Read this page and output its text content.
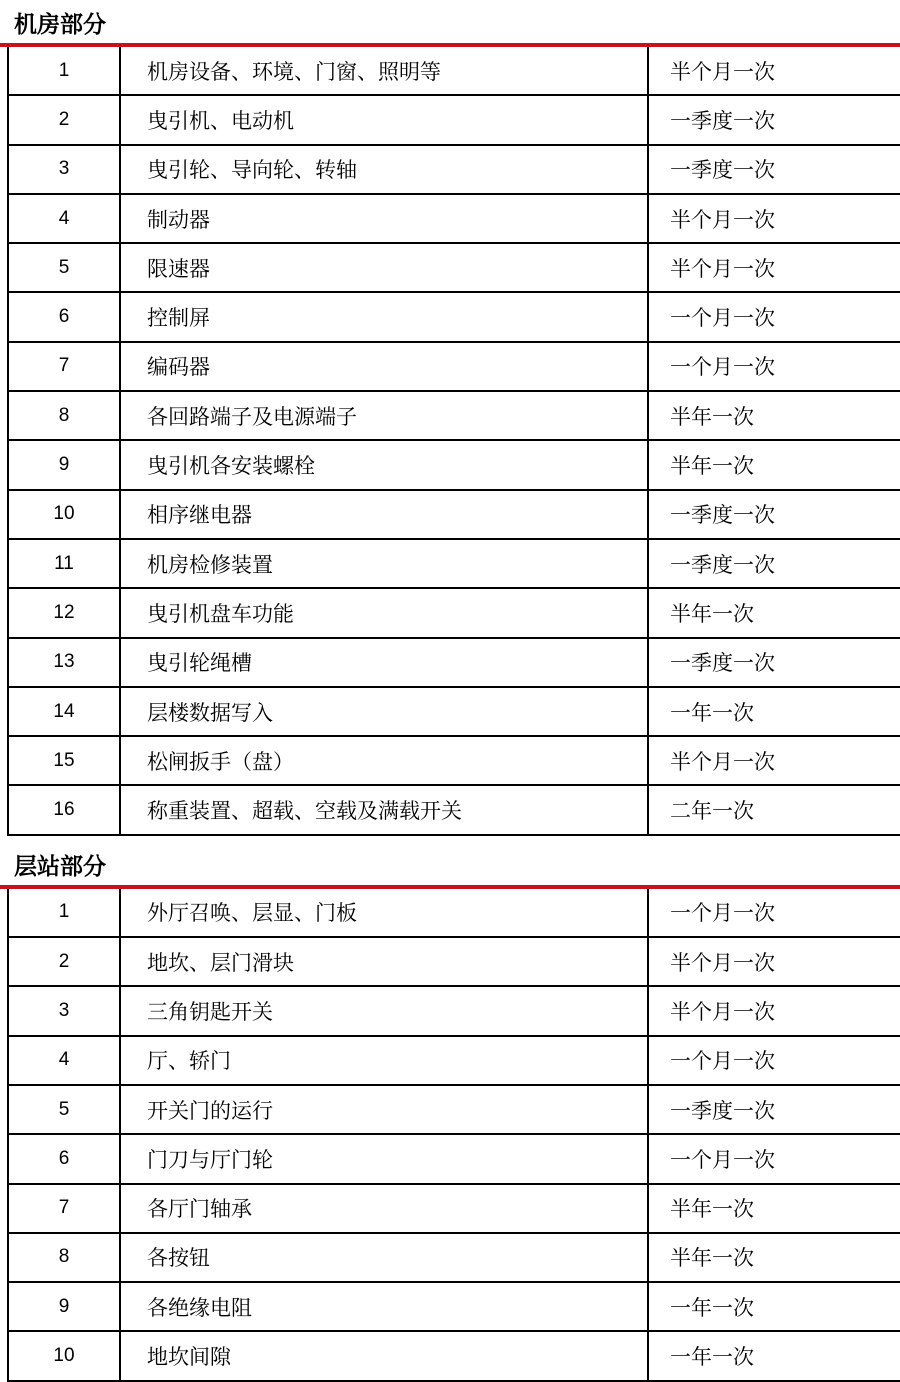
机房部分
1	机房设备、环境、门窗、照明等	半个月一次
2	曳引机、电动机	一季度一次
3	曳引轮、导向轮、转轴	一季度一次
4	制动器	半个月一次
5	限速器	半个月一次
6	控制屏	一个月一次
7	编码器	一个月一次
8	各回路端子及电源端子	半年一次
9	曳引机各安装螺栓	半年一次
10	相序继电器	一季度一次
11	机房检修装置	一季度一次
12	曳引机盘车功能	半年一次
13	曳引轮绳槽	一季度一次
14	层楼数据写入	一年一次
15	松闸扳手（盘）	半个月一次
16	称重装置、超载、空载及满载开关	二年一次
层站部分
1	外厅召唤、层显、门板	一个月一次
2	地坎、层门滑块	半个月一次
3	三角钥匙开关	半个月一次
4	厅、轿门	一个月一次
5	开关门的运行	一季度一次
6	门刀与厅门轮	一个月一次
7	各厅门轴承	半年一次
8	各按钮	半年一次
9	各绝缘电阻	一年一次
10	地坎间隙	一年一次
